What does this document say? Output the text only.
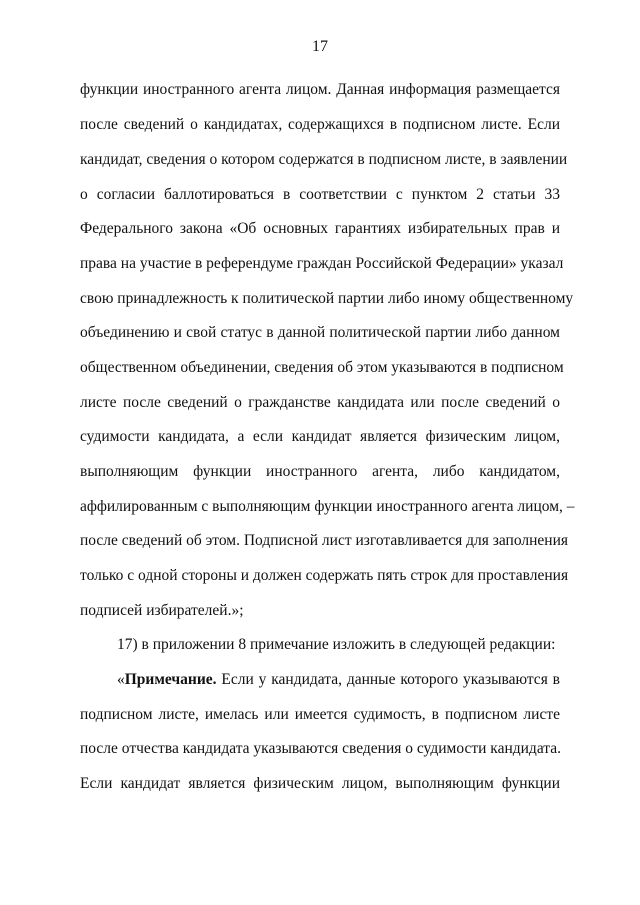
17
функции иностранного агента лицом. Данная информация размещается
после сведений о кандидатах, содержащихся в подписном листе. Если
кандидат, сведения о котором содержатся в подписном листе, в заявлении
о согласии баллотироваться в соответствии с пунктом 2 статьи 33
Федерального закона «Об основных гарантиях избирательных прав и
права на участие в референдуме граждан Российской Федерации» указал
свою принадлежность к политической партии либо иному общественному
объединению и свой статус в данной политической партии либо данном
общественном объединении, сведения об этом указываются в подписном
листе после сведений о гражданстве кандидата или после сведений о
судимости кандидата, а если кандидат является физическим лицом,
выполняющим функции иностранного агента, либо кандидатом,
аффилированным с выполняющим функции иностранного агента лицом, –
после сведений об этом. Подписной лист изготавливается для заполнения
только с одной стороны и должен содержать пять строк для проставления
подписей избирателей.»;
17) в приложении 8 примечание изложить в следующей редакции:
«Примечание. Если у кандидата, данные которого указываются в
подписном листе, имелась или имеется судимость, в подписном листе
после отчества кандидата указываются сведения о судимости кандидата.
Если кандидат является физическим лицом, выполняющим функции
